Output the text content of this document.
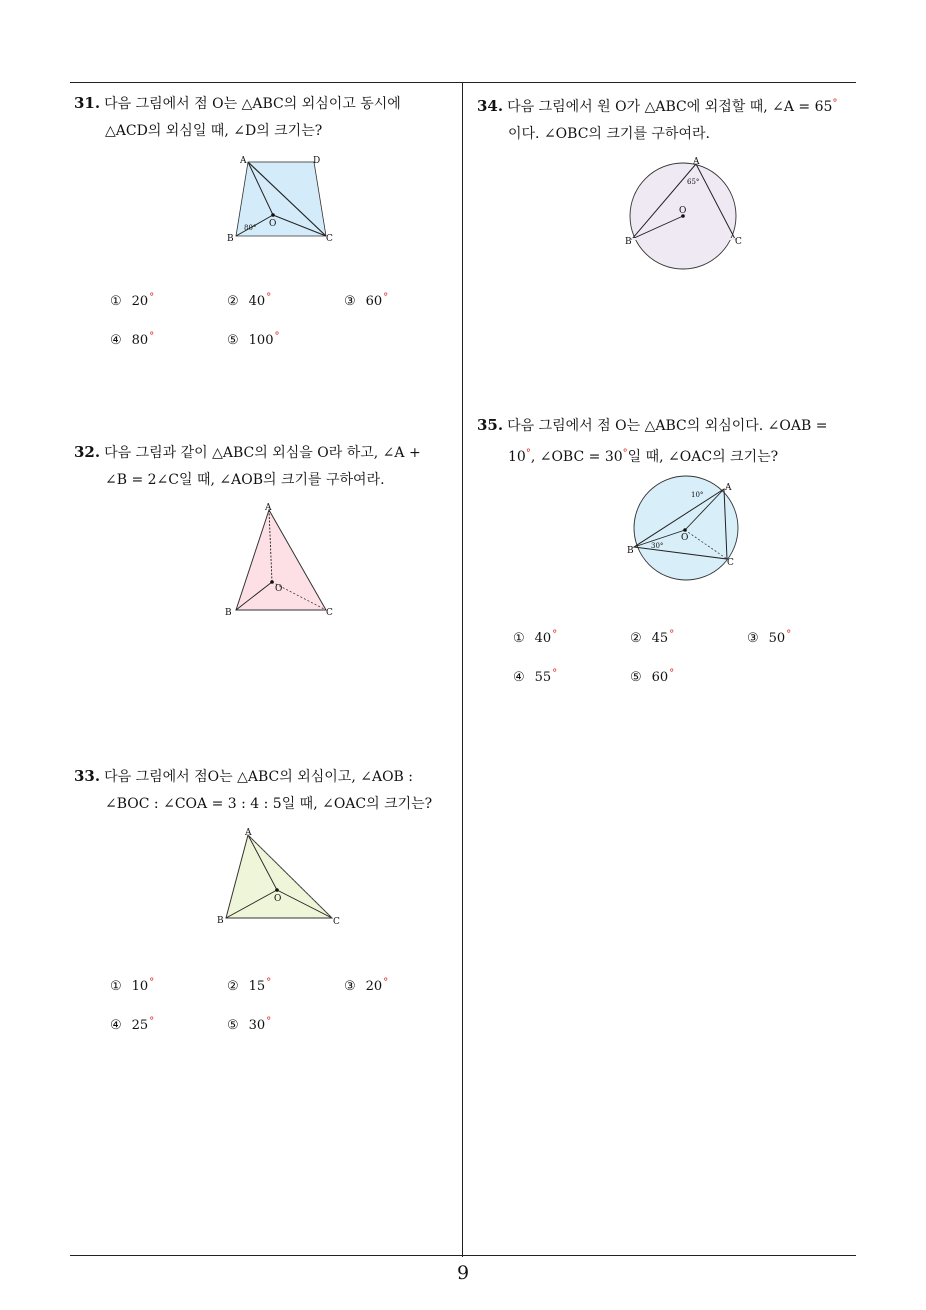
31. 다음 그림에서 점 O는 △ABC의 외심이고 동시에
△ACD의 외심일 때, ∠D의 크기는?
A	D
B	C
O
80°
① 20°	② 40°	③ 60°
④ 80°	⑤ 100°
32. 다음 그림과 같이 △ABC의 외심을 O라 하고, ∠A +
∠B = 2∠C일 때, ∠AOB의 크기를 구하여라.
A
B	C
O
33. 다음 그림에서 점O는 △ABC의 외심이고, ∠AOB :
∠BOC : ∠COA = 3 : 4 : 5일 때, ∠OAC의 크기는?
A
B	C
O
① 10°	② 15°	③ 20°
④ 25°	⑤ 30°
34. 다음 그림에서 원 O가 △ABC에 외접할 때, ∠A = 65°
이다. ∠OBC의 크기를 구하여라.
A
B	C
O
65°
35. 다음 그림에서 점 O는 △ABC의 외심이다. ∠OAB =
10°, ∠OBC = 30°일 때, ∠OAC의 크기는?
A
B
C
O
10°
30°
① 40°	② 45°	③ 50°
④ 55°	⑤ 60°
9
